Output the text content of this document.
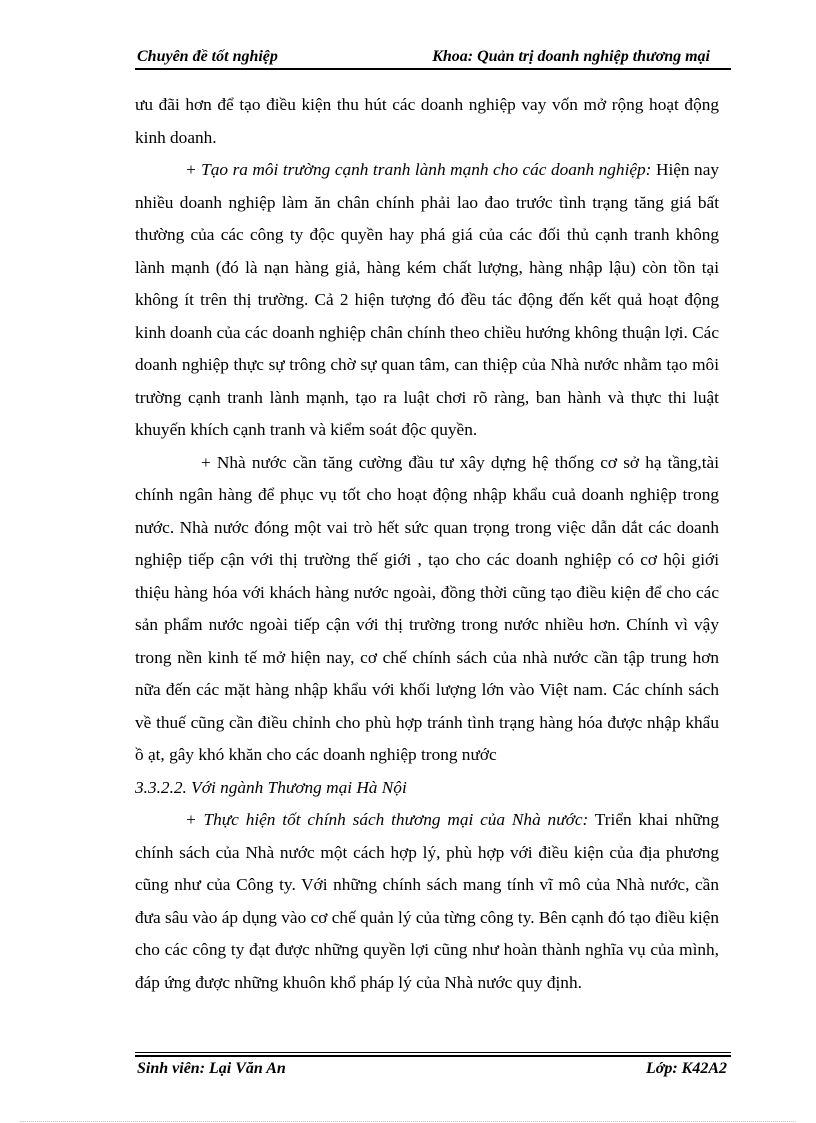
Chuyên đề tốt nghiệp	Khoa: Quản trị doanh nghiệp thương mại

ưu đãi hơn để tạo điều kiện thu hút các doanh nghiệp vay vốn mở rộng hoạt động kinh doanh.

+ Tạo ra môi trường cạnh tranh lành mạnh cho các doanh nghiệp: Hiện nay nhiều doanh nghiệp làm ăn chân chính phải lao đao trước tình trạng tăng giá bất thường của các công ty độc quyền hay phá giá của các đối thủ cạnh tranh không lành mạnh (đó là nạn hàng giả, hàng kém chất lượng, hàng nhập lậu) còn tồn tại không ít trên thị trường. Cả 2 hiện tượng đó đều tác động đến kết quả hoạt động kinh doanh của các doanh nghiệp chân chính theo chiều hướng không thuận lợi. Các doanh nghiệp thực sự trông chờ sự quan tâm, can thiệp của Nhà nước nhằm tạo môi trường cạnh tranh lành mạnh, tạo ra luật chơi rõ ràng, ban hành và thực thi luật khuyến khích cạnh tranh và kiểm soát độc quyền.

+ Nhà nước cần tăng cường đầu tư xây dựng hệ thống cơ sở hạ tầng,tài chính ngân hàng để phục vụ tốt cho hoạt động nhập khẩu cuả doanh nghiệp trong nước. Nhà nước đóng một vai trò hết sức quan trọng trong việc dẫn dắt các doanh nghiệp tiếp cận với thị trường thế giới , tạo cho các doanh nghiệp có cơ hội giới thiệu hàng hóa với khách hàng nước ngoài, đồng thời cũng tạo điều kiện để cho các sản phẩm nước ngoài tiếp cận với thị trường trong nước nhiều hơn. Chính vì vậy trong nền kinh tế mở hiện nay, cơ chế chính sách của nhà nước cần tập trung hơn nữa đến các mặt hàng nhập khẩu với khối lượng lớn vào Việt nam. Các chính sách về thuế cũng cần điều chỉnh cho phù hợp tránh tình trạng hàng hóa được nhập khẩu ồ ạt, gây khó khăn cho các doanh nghiệp trong nước

3.3.2.2. Với ngành Thương mại Hà Nội

+ Thực hiện tốt chính sách thương mại của Nhà nước: Triển khai những chính sách của Nhà nước một cách hợp lý, phù hợp với điều kiện của địa phương cũng như của Công ty. Với những chính sách mang tính vĩ mô của Nhà nước, cần đưa sâu vào áp dụng vào cơ chế quản lý của từng công ty. Bên cạnh đó tạo điều kiện cho các công ty đạt được những quyền lợi cũng như hoàn thành nghĩa vụ của mình, đáp ứng được những khuôn khổ pháp lý của Nhà nước quy định.

Sinh viên: Lại Văn An	Lớp: K42A2
